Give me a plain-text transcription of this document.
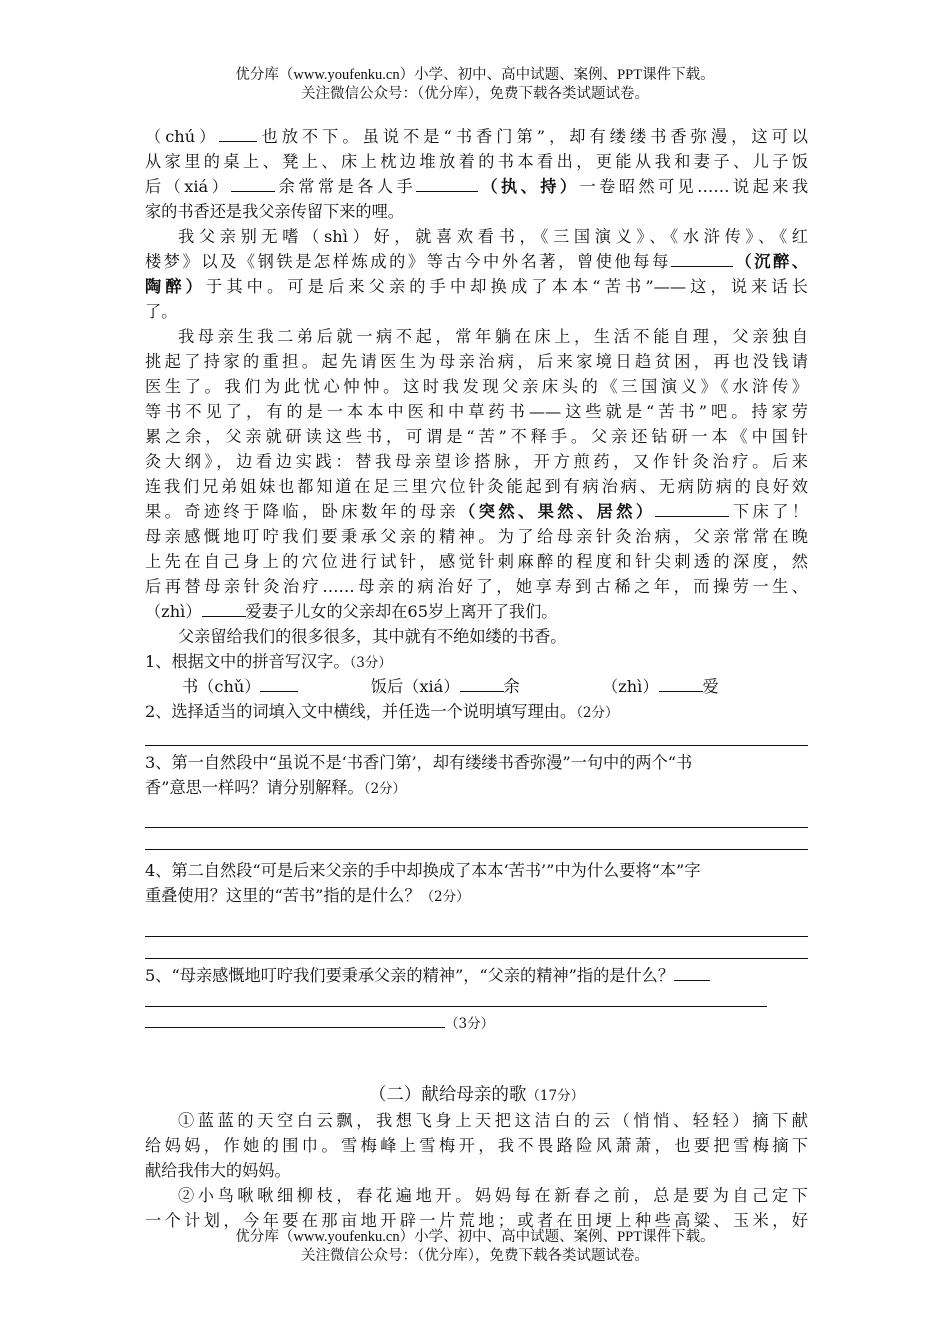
优分库（www.youfenku.cn）小学、初中、高中试题、案例、PPT课件下载。
关注微信公众号：（优分库），免费下载各类试题试卷。
（chú） 也放不下。虽说不是“书香门第”，却有缕缕书香弥漫，这可以
从家里的桌上、凳上、床上枕边堆放着的书本看出，更能从我和妻子、儿子饭
后（xiá）	余常常是各人手	（执、持）一卷昭然可见……说起来我
家的书香还是我父亲传留下来的哩。
我父亲别无嗜（shì）好，就喜欢看书，《三国演义》、《水浒传》、《红
楼梦》以及《钢铁是怎样炼成的》等古今中外名著，曾使他每每	（沉醉、
陶醉）于其中。可是后来父亲的手中却换成了本本“苦书”——这，说来话长
了。
我母亲生我二弟后就一病不起，常年躺在床上，生活不能自理，父亲独自
挑起了持家的重担。起先请医生为母亲治病，后来家境日趋贫困，再也没钱请
医生了。我们为此忧心忡忡。这时我发现父亲床头的《三国演义》《水浒传》
等书不见了，有的是一本本中医和中草药书——这些就是“苦书”吧。持家劳
累之余，父亲就研读这些书，可谓是“苦”不释手。父亲还钻研一本《中国针
灸大纲》，边看边实践：替我母亲望诊搭脉，开方煎药，又作针灸治疗。后来
连我们兄弟姐妹也都知道在足三里穴位针灸能起到有病治病、无病防病的良好效
果。奇迹终于降临，卧床数年的母亲（突然、果然、居然）	下床了！
母亲感慨地叮咛我们要秉承父亲的精神。为了给母亲针灸治病，父亲常常在晚
上先在自己身上的穴位进行试针，感觉针刺麻醉的程度和针尖刺透的深度，然
后再替母亲针灸治疗……母亲的病治好了，她享寿到古稀之年，而操劳一生、
（zhì）	爱妻子儿女的父亲却在65岁上离开了我们。
父亲留给我们的很多很多，其中就有不绝如缕的书香。
1、根据文中的拼音写汉字。（3分）
书（chǔ）	饭后（xiá）	余	（zhì）	爱
2、选择适当的词填入文中横线，并任选一个说明填写理由。（2分）
3、第一自然段中“虽说不是‘书香门第’，却有缕缕书香弥漫”一句中的两个“书
香”意思一样吗？请分别解释。（2分）
4、第二自然段“可是后来父亲的手中却换成了本本‘苦书’”中为什么要将“本”字
重叠使用？这里的“苦书”指的是什么？（2分）
5、“母亲感慨地叮咛我们要秉承父亲的精神”，“父亲的精神”指的是什么？
（3分）
（二）献给母亲的歌（17分）
①蓝蓝的天空白云飘，我想飞身上天把这洁白的云（悄悄、轻轻）摘下献
给妈妈，作她的围巾。雪梅峰上雪梅开，我不畏路险风萧萧，也要把雪梅摘下
献给我伟大的妈妈。
②小鸟啾啾细柳枝，春花遍地开。妈妈每在新春之前，总是要为自己定下
一个计划，今年要在那亩地开辟一片荒地；或者在田埂上种些高粱、玉米，好
优分库（www.youfenku.cn）小学、初中、高中试题、案例、PPT课件下载。
关注微信公众号：（优分库），免费下载各类试题试卷。
